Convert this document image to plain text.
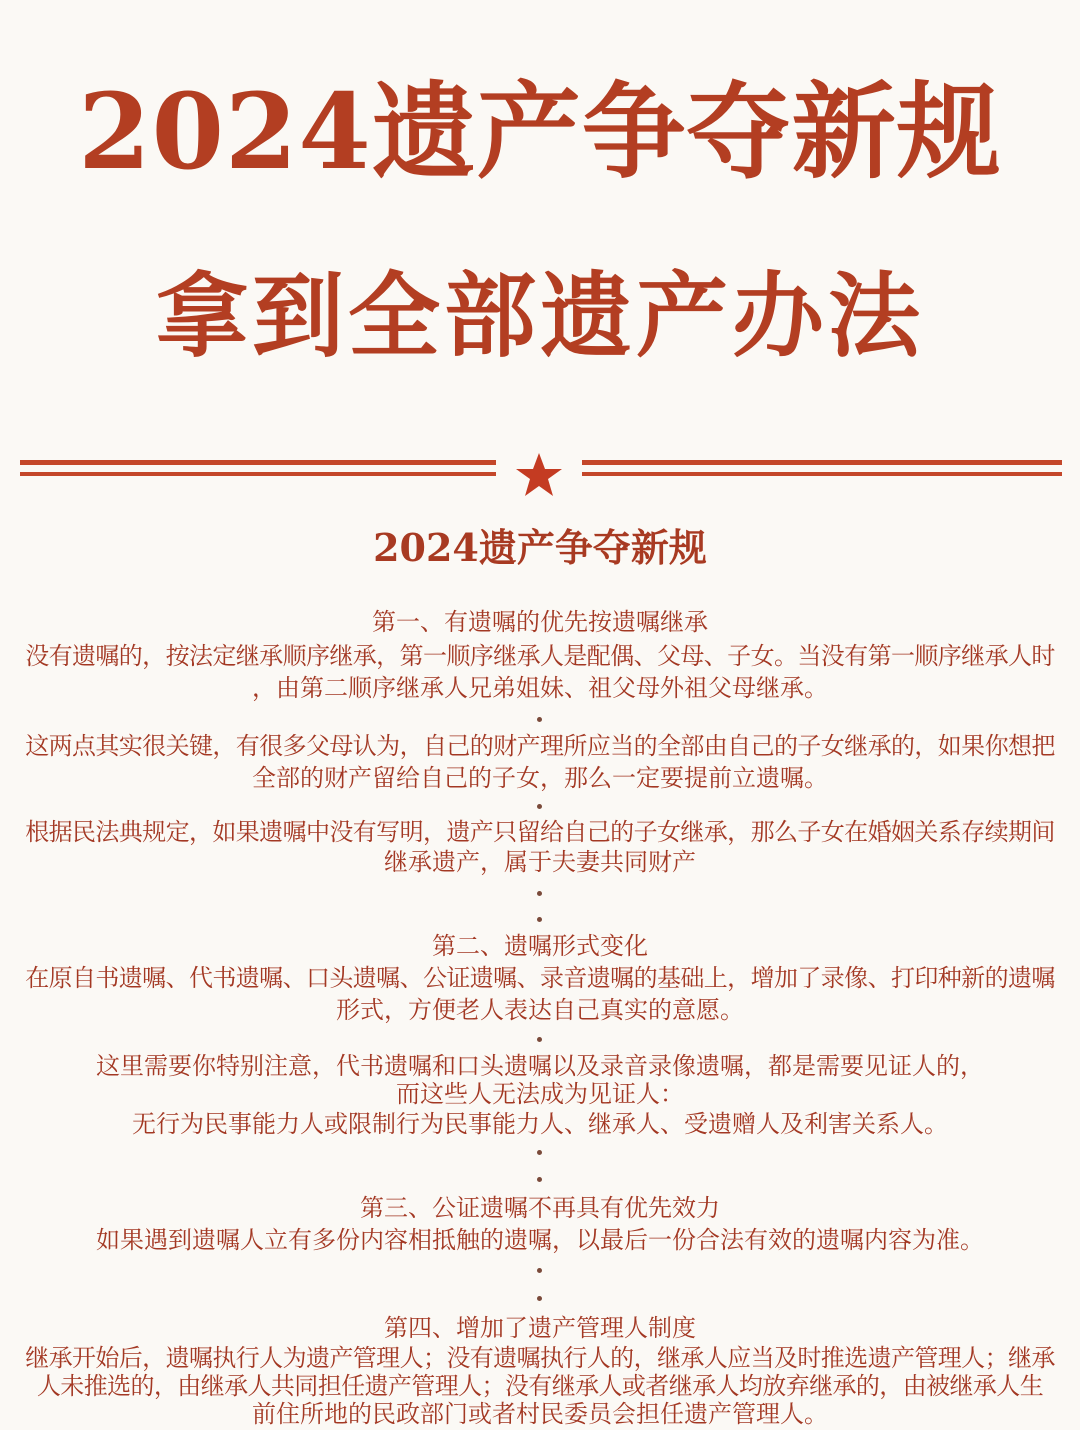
2024遗产争夺新规
拿到全部遗产办法
2024遗产争夺新规
第一、有遗嘱的优先按遗嘱继承
没有遗嘱的，按法定继承顺序继承，第一顺序继承人是配偶、父母、子女。当没有第一顺序继承人时
，由第二顺序继承人兄弟姐妹、祖父母外祖父母继承。
这两点其实很关键，有很多父母认为，自己的财产理所应当的全部由自己的子女继承的，如果你想把
全部的财产留给自己的子女，那么一定要提前立遗嘱。
根据民法典规定，如果遗嘱中没有写明，遗产只留给自己的子女继承，那么子女在婚姻关系存续期间
继承遗产，属于夫妻共同财产
第二、遗嘱形式变化
在原自书遗嘱、代书遗嘱、口头遗嘱、公证遗嘱、录音遗嘱的基础上，增加了录像、打印种新的遗嘱
形式，方便老人表达自己真实的意愿。
这里需要你特别注意，代书遗嘱和口头遗嘱以及录音录像遗嘱，都是需要见证人的，
而这些人无法成为见证人：
无行为民事能力人或限制行为民事能力人、继承人、受遗赠人及利害关系人。
第三、公证遗嘱不再具有优先效力
如果遇到遗嘱人立有多份内容相抵触的遗嘱，以最后一份合法有效的遗嘱内容为准。
第四、增加了遗产管理人制度
继承开始后，遗嘱执行人为遗产管理人；没有遗嘱执行人的，继承人应当及时推选遗产管理人；继承
人未推选的，由继承人共同担任遗产管理人；没有继承人或者继承人均放弃继承的，由被继承人生
前住所地的民政部门或者村民委员会担任遗产管理人。
